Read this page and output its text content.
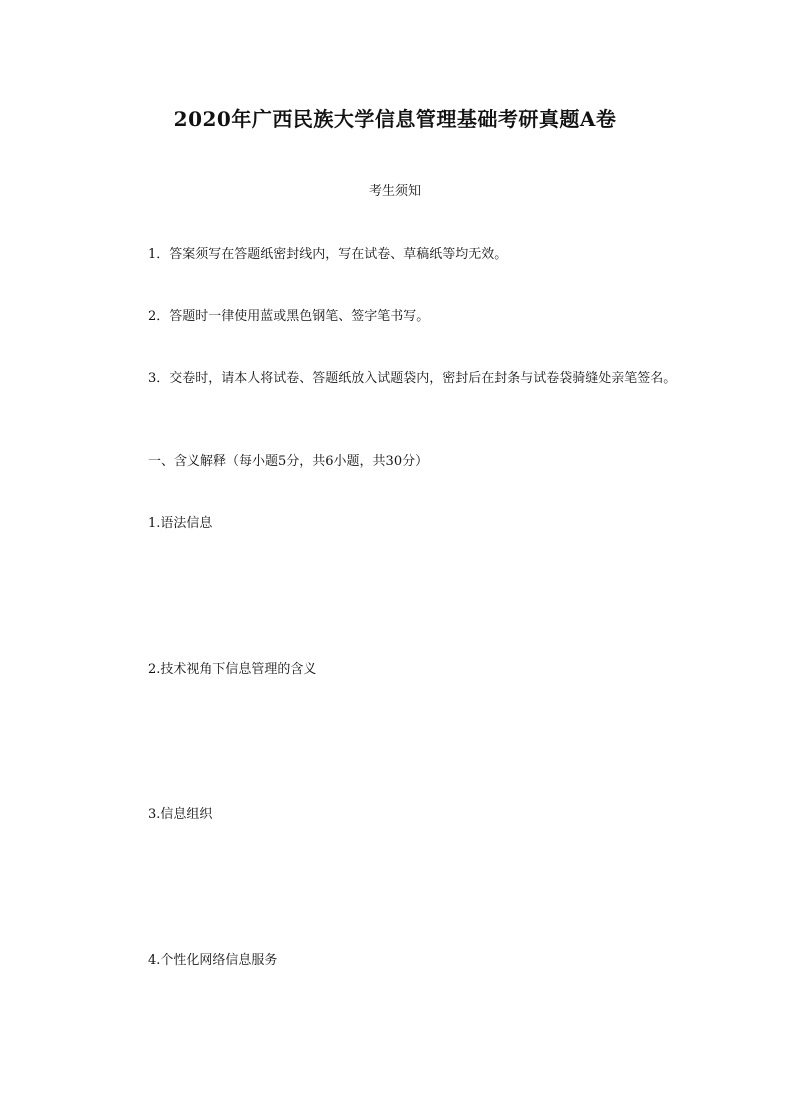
2020年广西民族大学信息管理基础考研真题A卷
考生须知
1．答案须写在答题纸密封线内，写在试卷、草稿纸等均无效。
2．答题时一律使用蓝或黑色钢笔、签字笔书写。
3．交卷时，请本人将试卷、答题纸放入试题袋内，密封后在封条与试卷袋骑缝处亲笔签名。
一、含义解释（每小题5分，共6小题，共30分）
1.语法信息
2.技术视角下信息管理的含义
3.信息组织
4.个性化网络信息服务
